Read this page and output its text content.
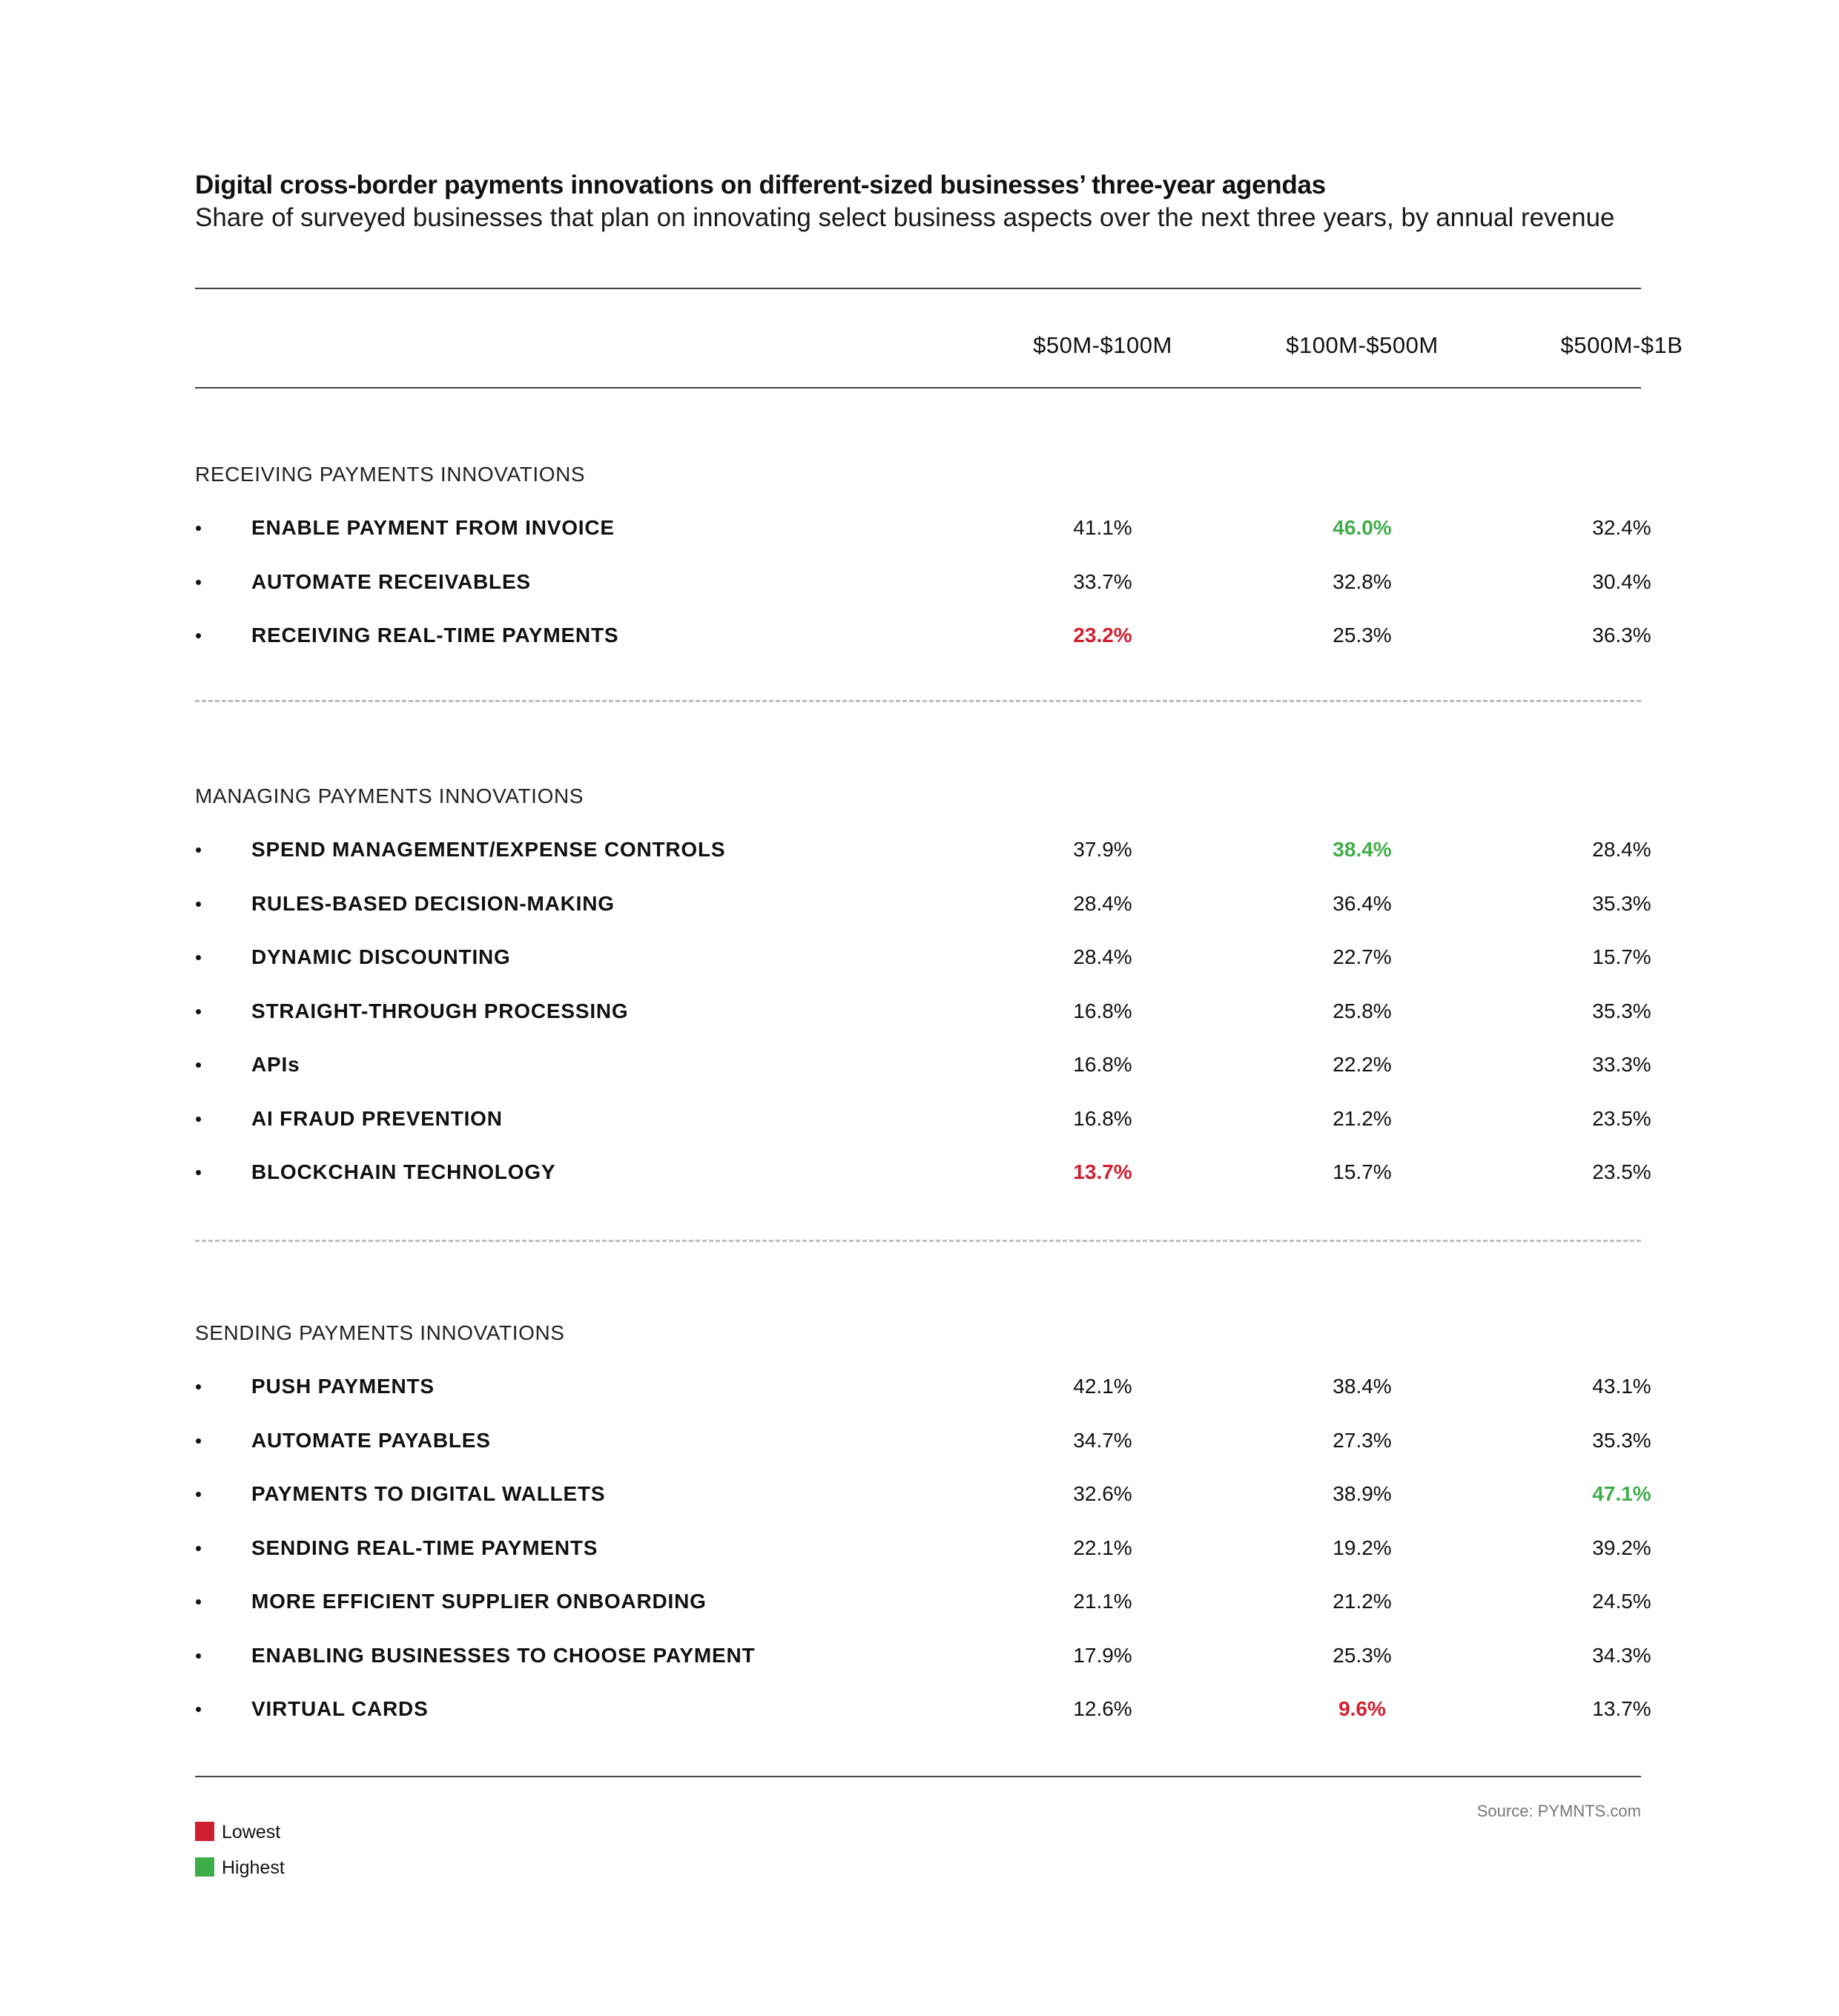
Digital cross-border payments innovations on different-sized businesses’ three-year agendas
Share of surveyed businesses that plan on innovating select business aspects over the next three years, by annual revenue
$50M-$100M	$100M-$500M	$500M-$1B
RECEIVING PAYMENTS INNOVATIONS
• ENABLE PAYMENT FROM INVOICE	41.1%	46.0%	32.4%
• AUTOMATE RECEIVABLES	33.7%	32.8%	30.4%
• RECEIVING REAL-TIME PAYMENTS	23.2%	25.3%	36.3%
MANAGING PAYMENTS INNOVATIONS
• SPEND MANAGEMENT/EXPENSE CONTROLS	37.9%	38.4%	28.4%
• RULES-BASED DECISION-MAKING	28.4%	36.4%	35.3%
• DYNAMIC DISCOUNTING	28.4%	22.7%	15.7%
• STRAIGHT-THROUGH PROCESSING	16.8%	25.8%	35.3%
• APIs	16.8%	22.2%	33.3%
• AI FRAUD PREVENTION	16.8%	21.2%	23.5%
• BLOCKCHAIN TECHNOLOGY	13.7%	15.7%	23.5%
SENDING PAYMENTS INNOVATIONS
• PUSH PAYMENTS	42.1%	38.4%	43.1%
• AUTOMATE PAYABLES	34.7%	27.3%	35.3%
• PAYMENTS TO DIGITAL WALLETS	32.6%	38.9%	47.1%
• SENDING REAL-TIME PAYMENTS	22.1%	19.2%	39.2%
• MORE EFFICIENT SUPPLIER ONBOARDING	21.1%	21.2%	24.5%
• ENABLING BUSINESSES TO CHOOSE PAYMENT	17.9%	25.3%	34.3%
• VIRTUAL CARDS	12.6%	9.6%	13.7%
Lowest
Highest
Source: PYMNTS.com
